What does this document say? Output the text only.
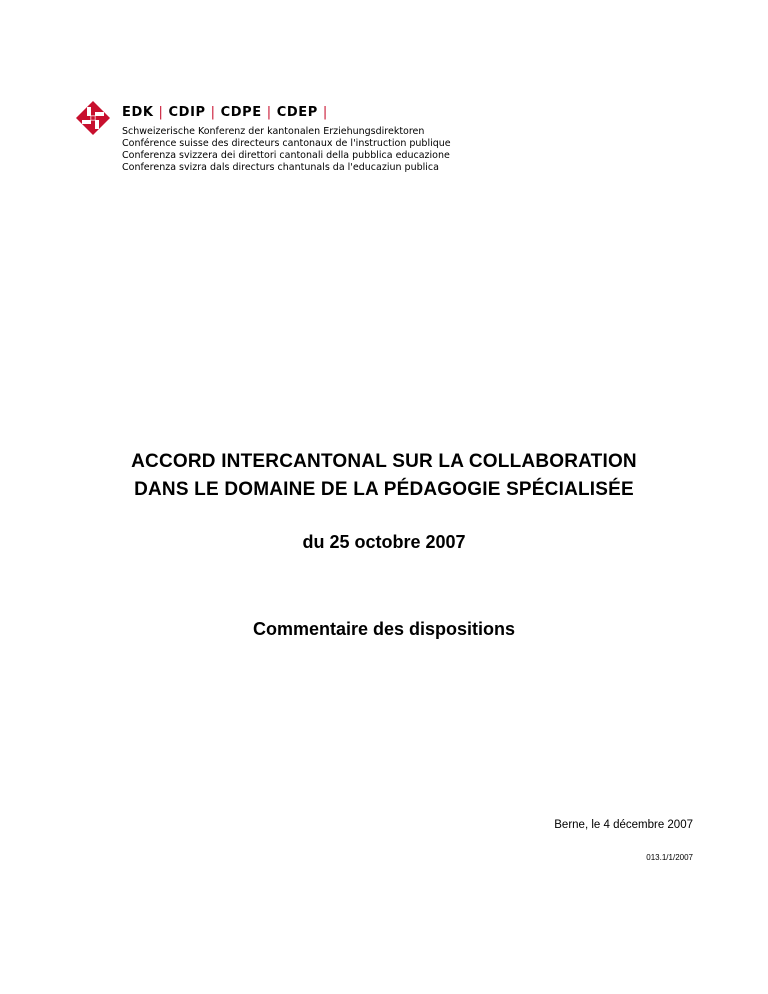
EDK | CDIP | CDPE | CDEP |
Schweizerische Konferenz der kantonalen Erziehungsdirektoren
Conférence suisse des directeurs cantonaux de l'instruction publique
Conferenza svizzera dei direttori cantonali della pubblica educazione
Conferenza svizra dals directurs chantunals da l'educaziun publica
ACCORD INTERCANTONAL SUR LA COLLABORATION
DANS LE DOMAINE DE LA PÉDAGOGIE SPÉCIALISÉE
du 25 octobre 2007
Commentaire des dispositions
Berne, le 4 décembre 2007
013.1/1/2007
